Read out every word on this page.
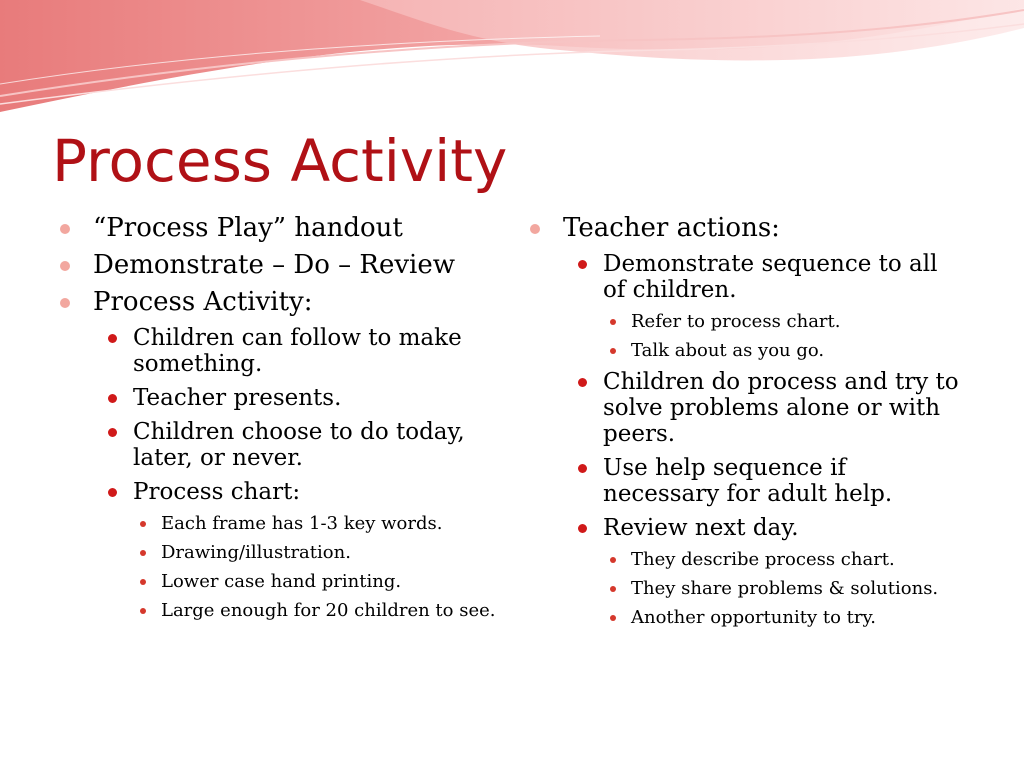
Process Activity
“Process Play” handout
Demonstrate – Do – Review
Process Activity:
Children can follow to make something.
Teacher presents.
Children choose to do today, later, or never.
Process chart:
Each frame has 1-3 key words.
Drawing/illustration.
Lower case hand printing.
Large enough for 20 children to see.
Teacher actions:
Demonstrate sequence to all of children.
Refer to process chart.
Talk about as you go.
Children do process and try to solve problems alone or with peers.
Use help sequence if necessary for adult help.
Review next day.
They describe process chart.
They share problems & solutions.
Another opportunity to try.
